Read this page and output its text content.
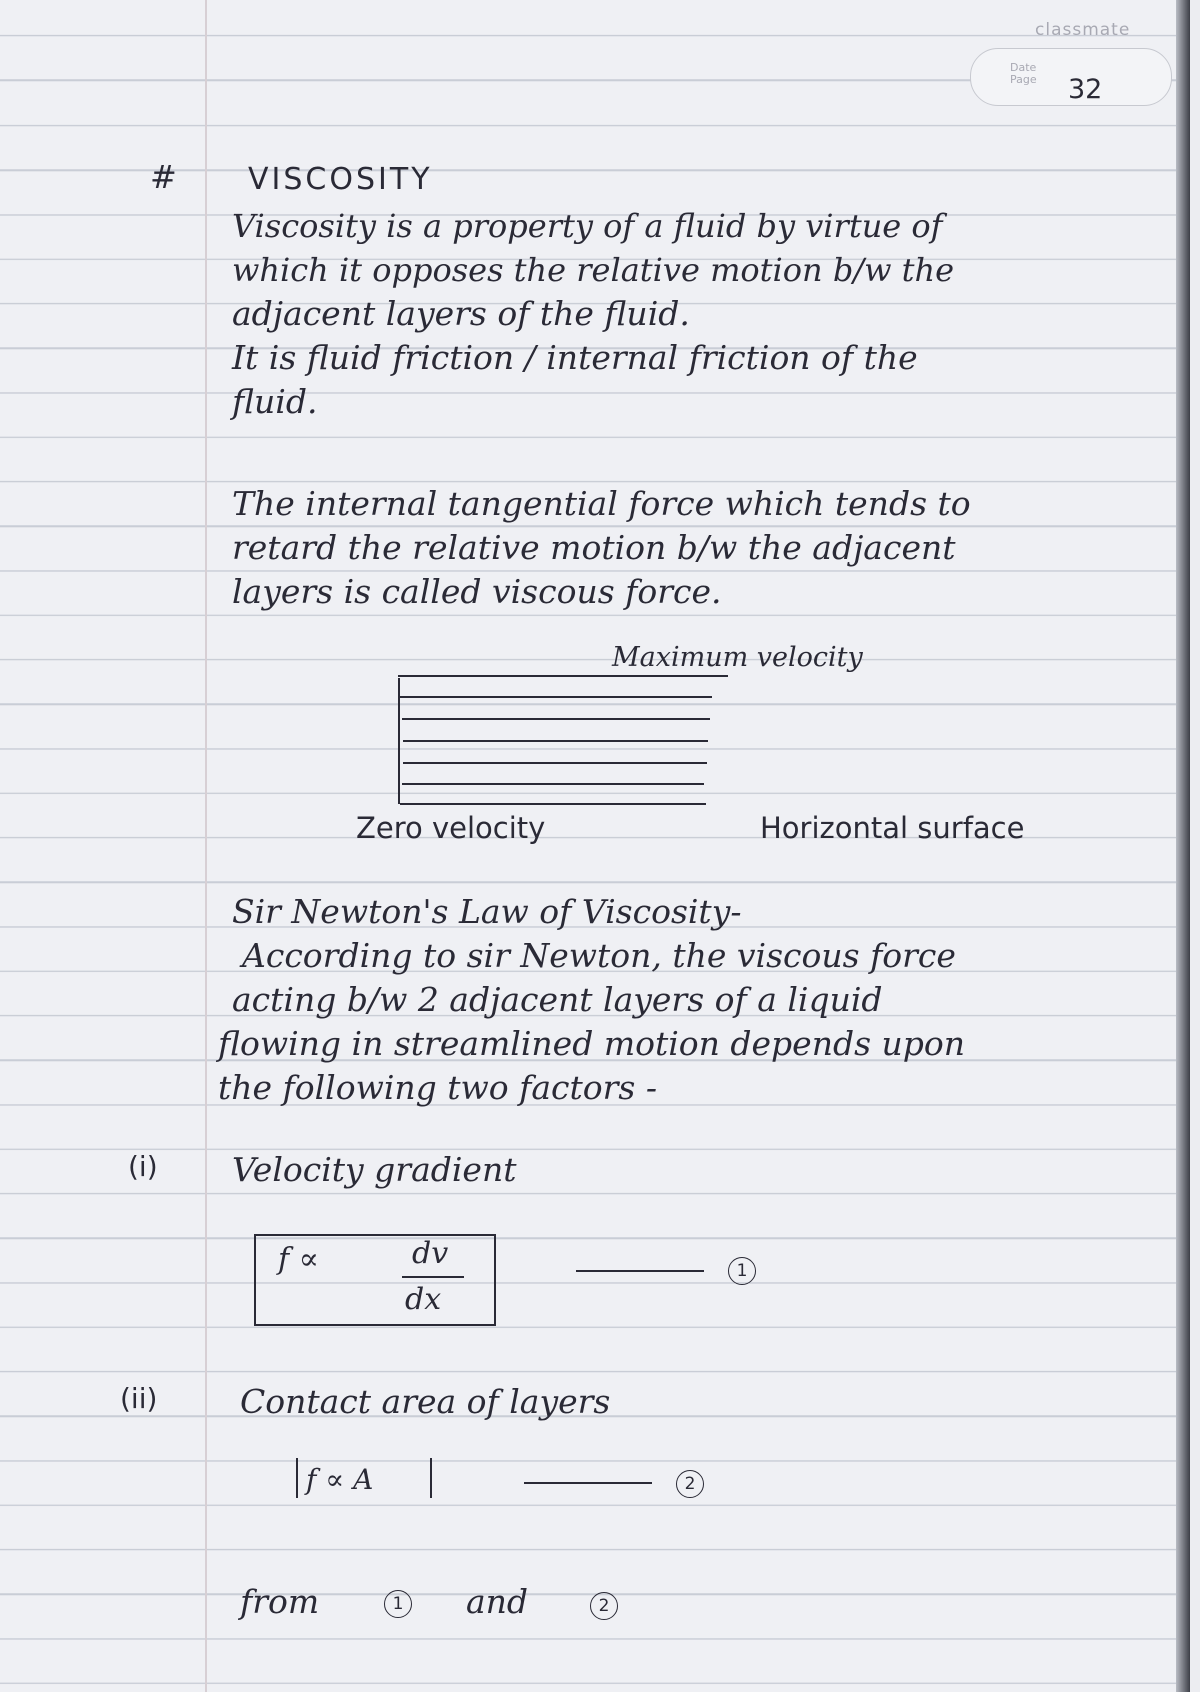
classmate
Date
Page 32
# VISCOSITY
Viscosity is a property of a fluid by virtue of
which it opposes the relative motion b/w the
adjacent layers of the fluid.
It is fluid friction / internal friction of the
fluid.
The internal tangential force which tends to
retard the relative motion b/w the adjacent
layers is called viscous force.
Maximum velocity
Zero velocity	Horizontal surface
Sir Newton's Law of Viscosity-
According to sir Newton, the viscous force
acting b/w 2 adjacent layers of a liquid
flowing in streamlined motion depends upon
the following two factors -
(i) Velocity gradient
f ∝	dv
dx
1
(ii)	Contact area of layers
f ∝ A	2
from	1 and	2
